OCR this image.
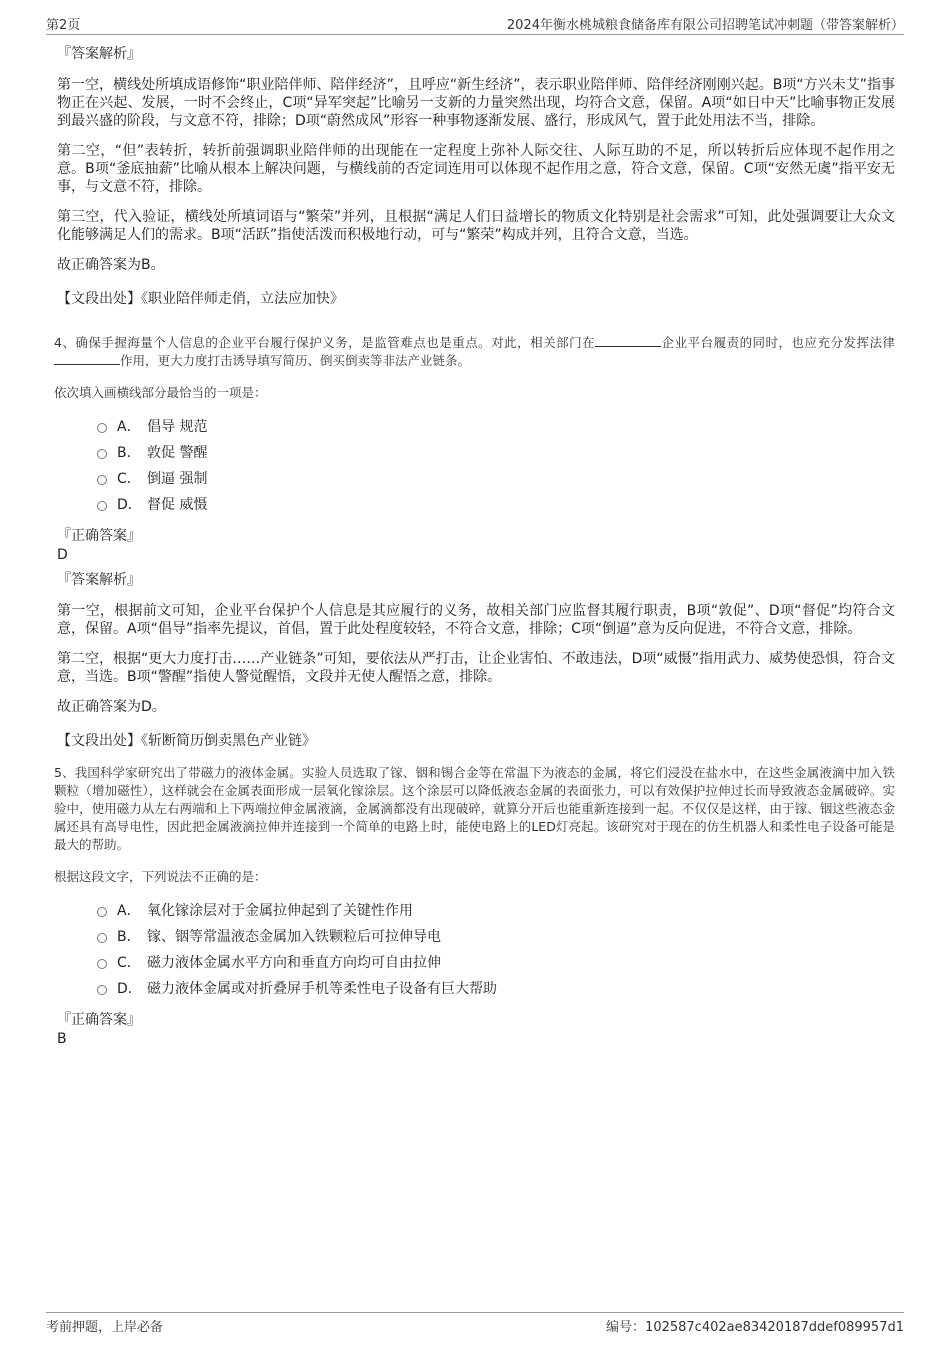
第2页	2024年衡水桃城粮食储备库有限公司招聘笔试冲刺题（带答案解析）
『答案解析』

第一空，横线处所填成语修饰“职业陪伴师、陪伴经济”，且呼应“新生经济”，表示职业陪伴师、陪伴经济刚刚兴起。B项“方兴未艾”指事物正在兴起、发展，一时不会终止，C项“异军突起”比喻另一支新的力量突然出现，均符合文意，保留。A项“如日中天”比喻事物正发展到最兴盛的阶段，与文意不符，排除；D项“蔚然成风”形容一种事物逐渐发展、盛行，形成风气，置于此处用法不当，排除。

第二空，“但”表转折，转折前强调职业陪伴师的出现能在一定程度上弥补人际交往、人际互助的不足，所以转折后应体现不起作用之意。B项“釜底抽薪”比喻从根本上解决问题，与横线前的否定词连用可以体现不起作用之意，符合文意，保留。C项“安然无虞”指平安无事，与文意不符，排除。

第三空，代入验证，横线处所填词语与“繁荣”并列，且根据“满足人们日益增长的物质文化特别是社会需求”可知，此处强调要让大众文化能够满足人们的需求。B项“活跃”指使活泼而积极地行动，可与“繁荣”构成并列，且符合文意，当选。

故正确答案为B。

【文段出处】《职业陪伴师走俏，立法应加快》

4、确保手握海量个人信息的企业平台履行保护义务，是监管难点也是重点。对此，相关部门在	企业平台履责的同时，也应充分发挥法律作用，更大力度打击诱导填写简历、倒买倒卖等非法产业链条。

依次填入画横线部分最恰当的一项是：

A． 倡导 规范
B． 敦促 警醒
C． 倒逼 强制
D． 督促 威慑
『正确答案』
D
『答案解析』

第一空，根据前文可知，企业平台保护个人信息是其应履行的义务，故相关部门应监督其履行职责，B项“敦促”、D项“督促”均符合文意，保留。A项“倡导”指率先提议，首倡，置于此处程度较轻，不符合文意，排除；C项“倒逼”意为反向促进，不符合文意，排除。

第二空，根据“更大力度打击……产业链条”可知，要依法从严打击，让企业害怕、不敢违法，D项“威慑”指用武力、威势使恐惧，符合文意，当选。B项“警醒”指使人警觉醒悟，文段并无使人醒悟之意，排除。

故正确答案为D。

【文段出处】《斩断简历倒卖黑色产业链》

5、我国科学家研究出了带磁力的液体金属。实验人员选取了镓、铟和锡合金等在常温下为液态的金属，将它们浸没在盐水中，在这些金属液滴中加入铁颗粒（增加磁性），这样就会在金属表面形成一层氧化镓涂层。这个涂层可以降低液态金属的表面张力，可以有效保护拉伸过长而导致液态金属破碎。实验中，使用磁力从左右两端和上下两端拉伸金属液滴，金属滴都没有出现破碎，就算分开后也能重新连接到一起。不仅仅是这样，由于镓、铟这些液态金属还具有高导电性，因此把金属液滴拉伸并连接到一个简单的电路上时，能使电路上的LED灯亮起。该研究对于现在的仿生机器人和柔性电子设备可能是最大的帮助。

根据这段文字，下列说法不正确的是：

A． 氧化镓涂层对于金属拉伸起到了关键性作用
B． 镓、铟等常温液态金属加入铁颗粒后可拉伸导电
C． 磁力液体金属水平方向和垂直方向均可自由拉伸
D． 磁力液体金属或对折叠屏手机等柔性电子设备有巨大帮助
『正确答案』
B
考前押题，上岸必备	编号：102587c402ae83420187ddef089957d1
